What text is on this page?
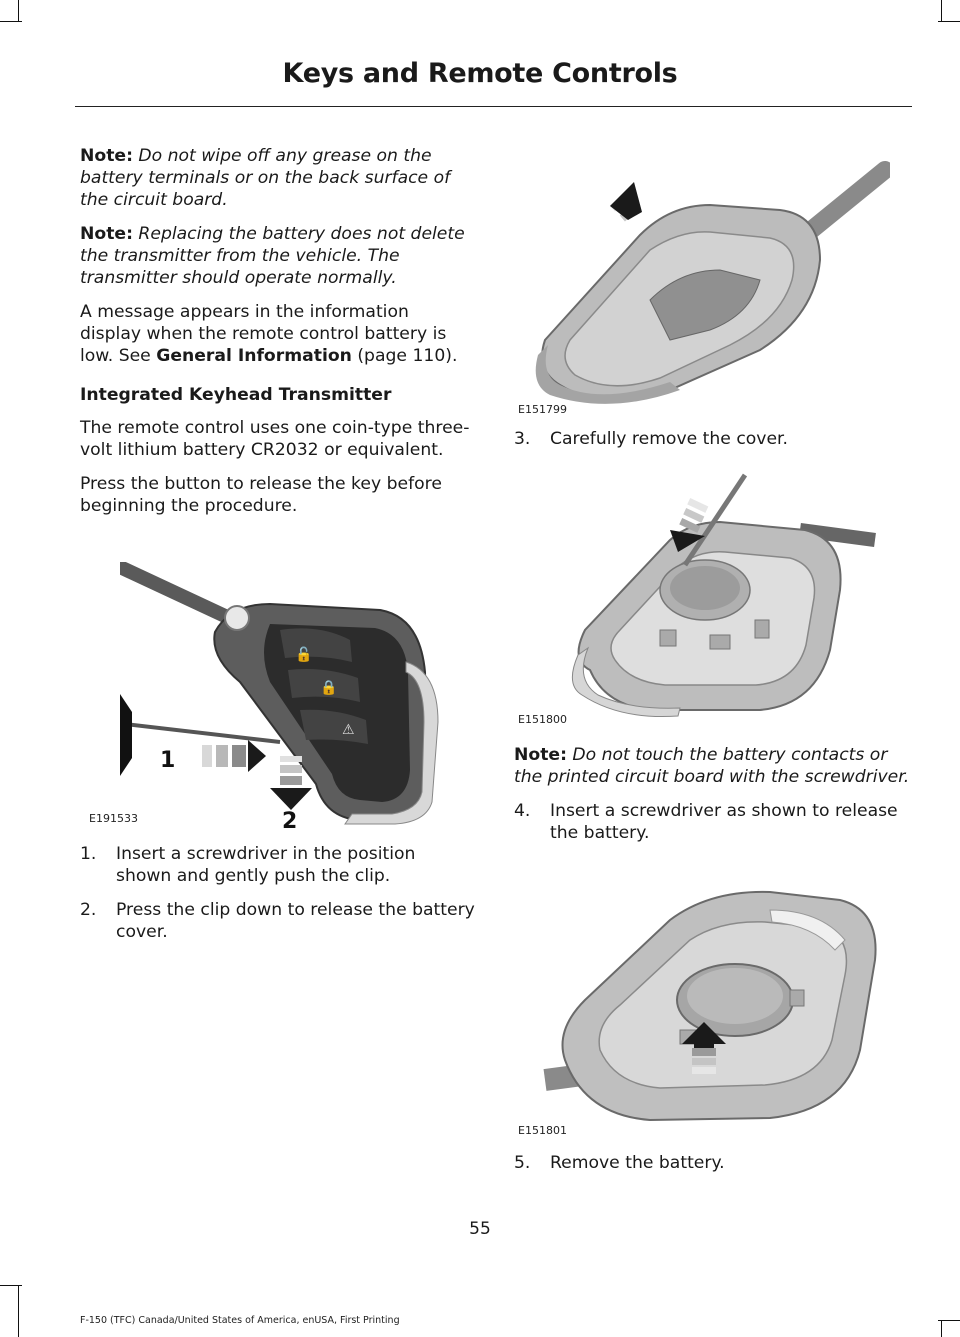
Keys and Remote Controls

Note: Do not wipe off any grease on the battery terminals or on the back surface of the circuit board.

Note: Replacing the battery does not delete the transmitter from the vehicle. The transmitter should operate normally.

A message appears in the information display when the remote control battery is low. See General Information (page 110).

Integrated Keyhead Transmitter

The remote control uses one coin-type three-volt lithium battery CR2032 or equivalent.

Press the button to release the key before beginning the procedure.

🔓
🔒
⚠
1
2
E191533
1. Insert a screwdriver in the position shown and gently push the clip.
2. Press the clip down to release the battery cover.
E151799
3. Carefully remove the cover.
E151800

Note: Do not touch the battery contacts or the printed circuit board with the screwdriver.

4. Insert a screwdriver as shown to release the battery.
E151801
5. Remove the battery.
55
F-150 (TFC) Canada/United States of America, enUSA, First Printing
